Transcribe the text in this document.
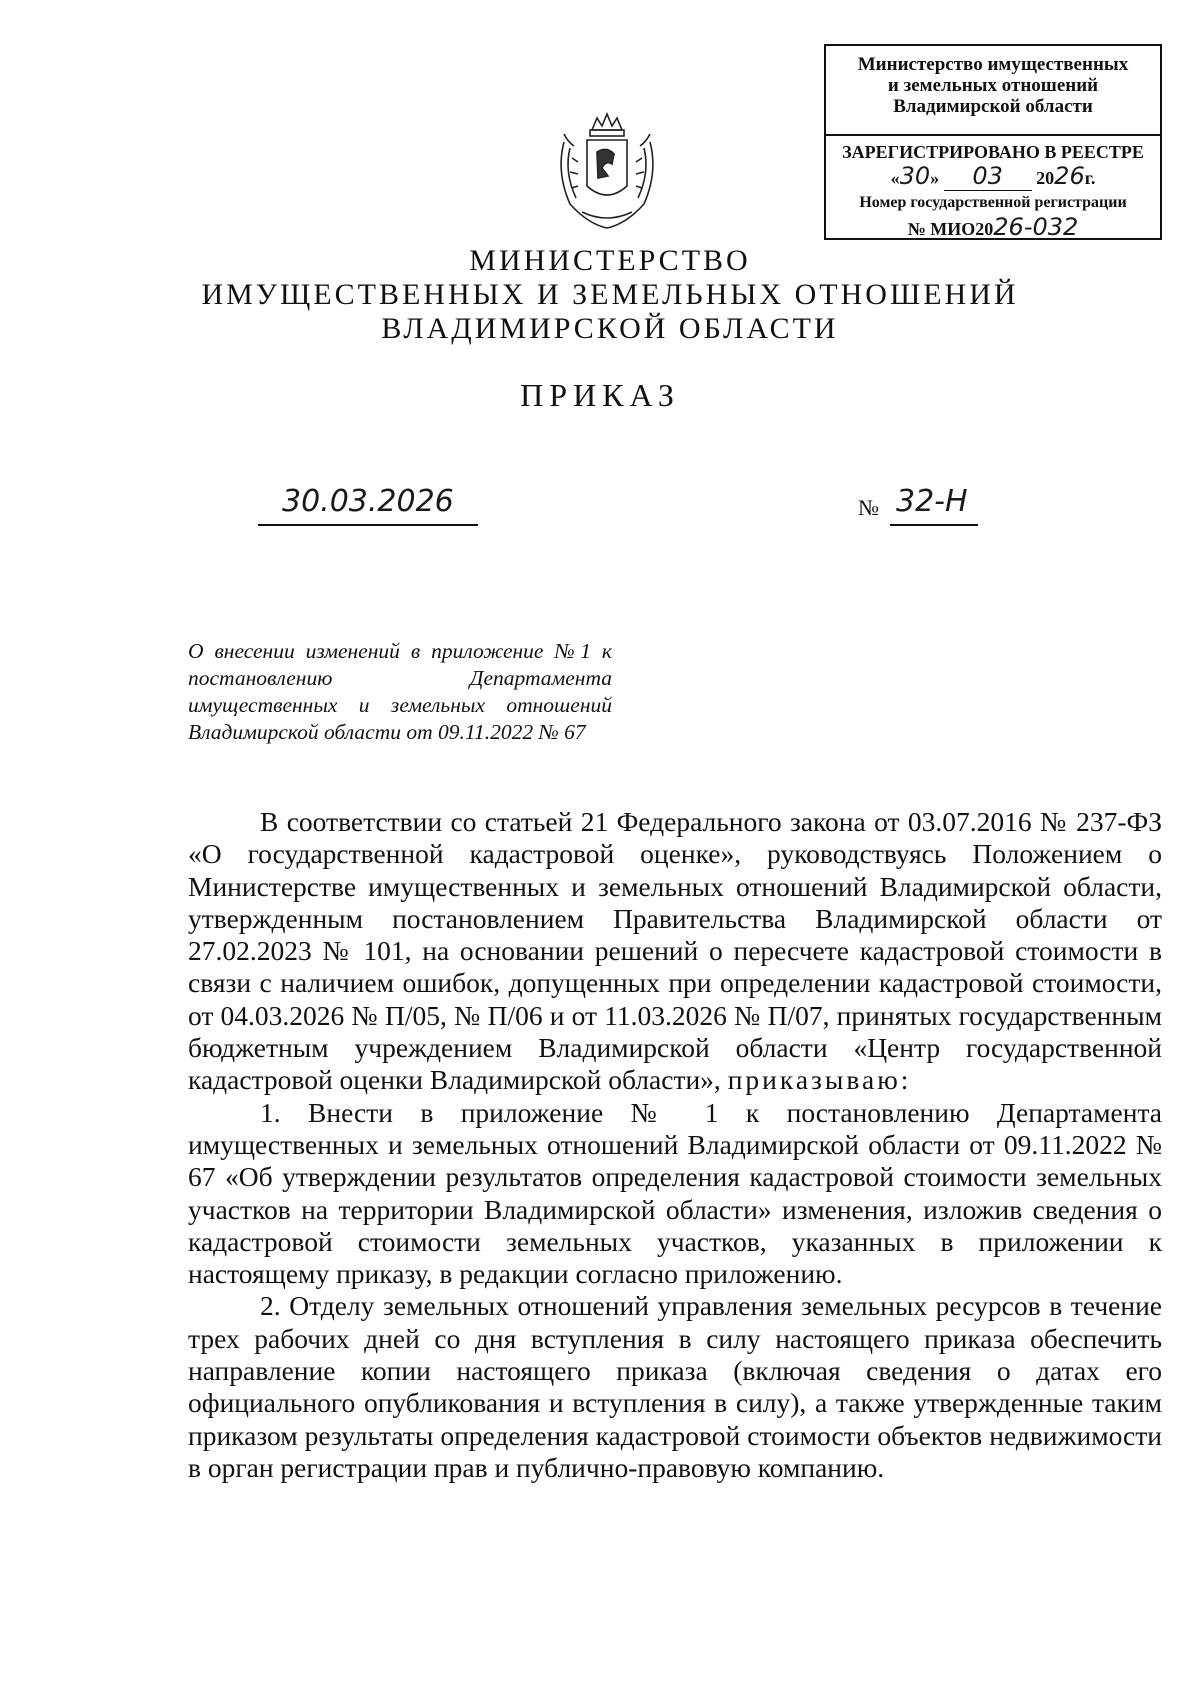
Министерство имущественных
и земельных отношений
Владимирской области
ЗАРЕГИСТРИРОВАНО В РЕЕСТРЕ
«30» 03 2026г.
Номер государственной регистрации
№ МИО2026-032
МИНИСТЕРСТВО
ИМУЩЕСТВЕННЫХ И ЗЕМЕЛЬНЫХ ОТНОШЕНИЙ
ВЛАДИМИРСКОЙ ОБЛАСТИ
ПРИКАЗ
30.03.2026	№ 32-Н
О внесении изменений в приложение №1 к постановлению Департамента имущественных и земельных отношений Владимирской области от 09.11.2022 № 67

В соответствии со статьей 21 Федерального закона от 03.07.2016 № 237-ФЗ «О государственной кадастровой оценке», руководствуясь Положением о Министерстве имущественных и земельных отношений Владимирской области, утвержденным постановлением Правительства Владимирской области от 27.02.2023 № 101, на основании решений о пересчете кадастровой стоимости в связи с наличием ошибок, допущенных при определении кадастровой стоимости, от 04.03.2026 № П/05, № П/06 и от 11.03.2026 № П/07, принятых государственным бюджетным учреждением Владимирской области «Центр государственной кадастровой оценки Владимирской области», приказываю:

1. Внести в приложение № 1 к постановлению Департамента имущественных и земельных отношений Владимирской области от 09.11.2022 № 67 «Об утверждении результатов определения кадастровой стоимости земельных участков на территории Владимирской области» изменения, изложив сведения о кадастровой стоимости земельных участков, указанных в приложении к настоящему приказу, в редакции согласно приложению.

2. Отделу земельных отношений управления земельных ресурсов в течение трех рабочих дней со дня вступления в силу настоящего приказа обеспечить направление копии настоящего приказа (включая сведения о датах его официального опубликования и вступления в силу), а также утвержденные таким приказом результаты определения кадастровой стоимости объектов недвижимости в орган регистрации прав и публично-правовую компанию.
